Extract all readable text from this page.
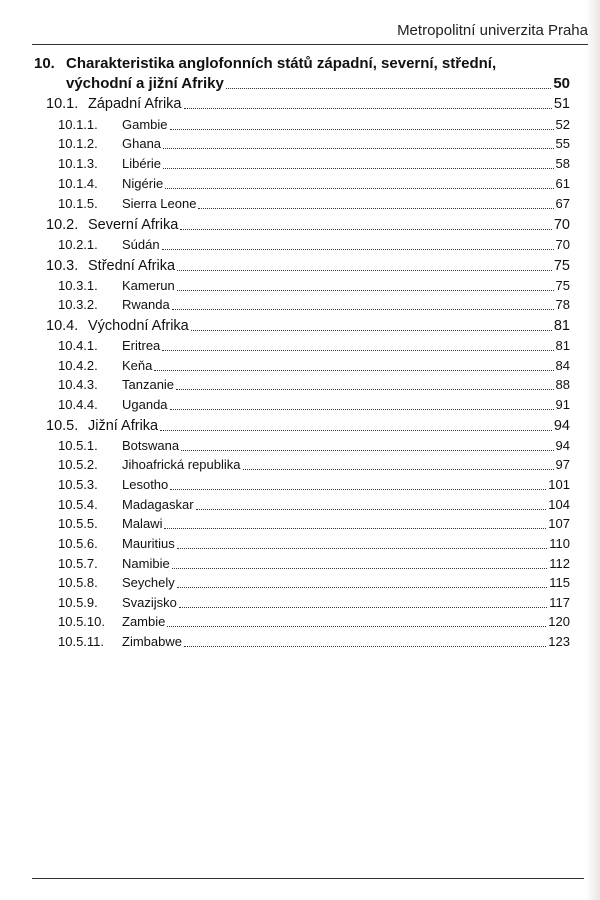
Metropolitní univerzita Praha
10. Charakteristika anglofonních států západní, severní, střední,
východní a jižní Afriky	50
10.1. Západní Afrika	51
10.1.1. Gambie	52
10.1.2. Ghana	55
10.1.3. Libérie	58
10.1.4. Nigérie	61
10.1.5. Sierra Leone	67
10.2. Severní Afrika	70
10.2.1. Súdán	70
10.3. Střední Afrika	75
10.3.1. Kamerun	75
10.3.2. Rwanda	78
10.4. Východní Afrika	81
10.4.1. Eritrea	81
10.4.2. Keňa	84
10.4.3. Tanzanie	88
10.4.4. Uganda	91
10.5. Jižní Afrika	94
10.5.1. Botswana	94
10.5.2. Jihoafrická republika	97
10.5.3. Lesotho	101
10.5.4. Madagaskar	104
10.5.5. Malawi	107
10.5.6. Mauritius	110
10.5.7. Namibie	112
10.5.8. Seychely	115
10.5.9. Svazijsko	117
10.5.10. Zambie	120
10.5.11. Zimbabwe	123
